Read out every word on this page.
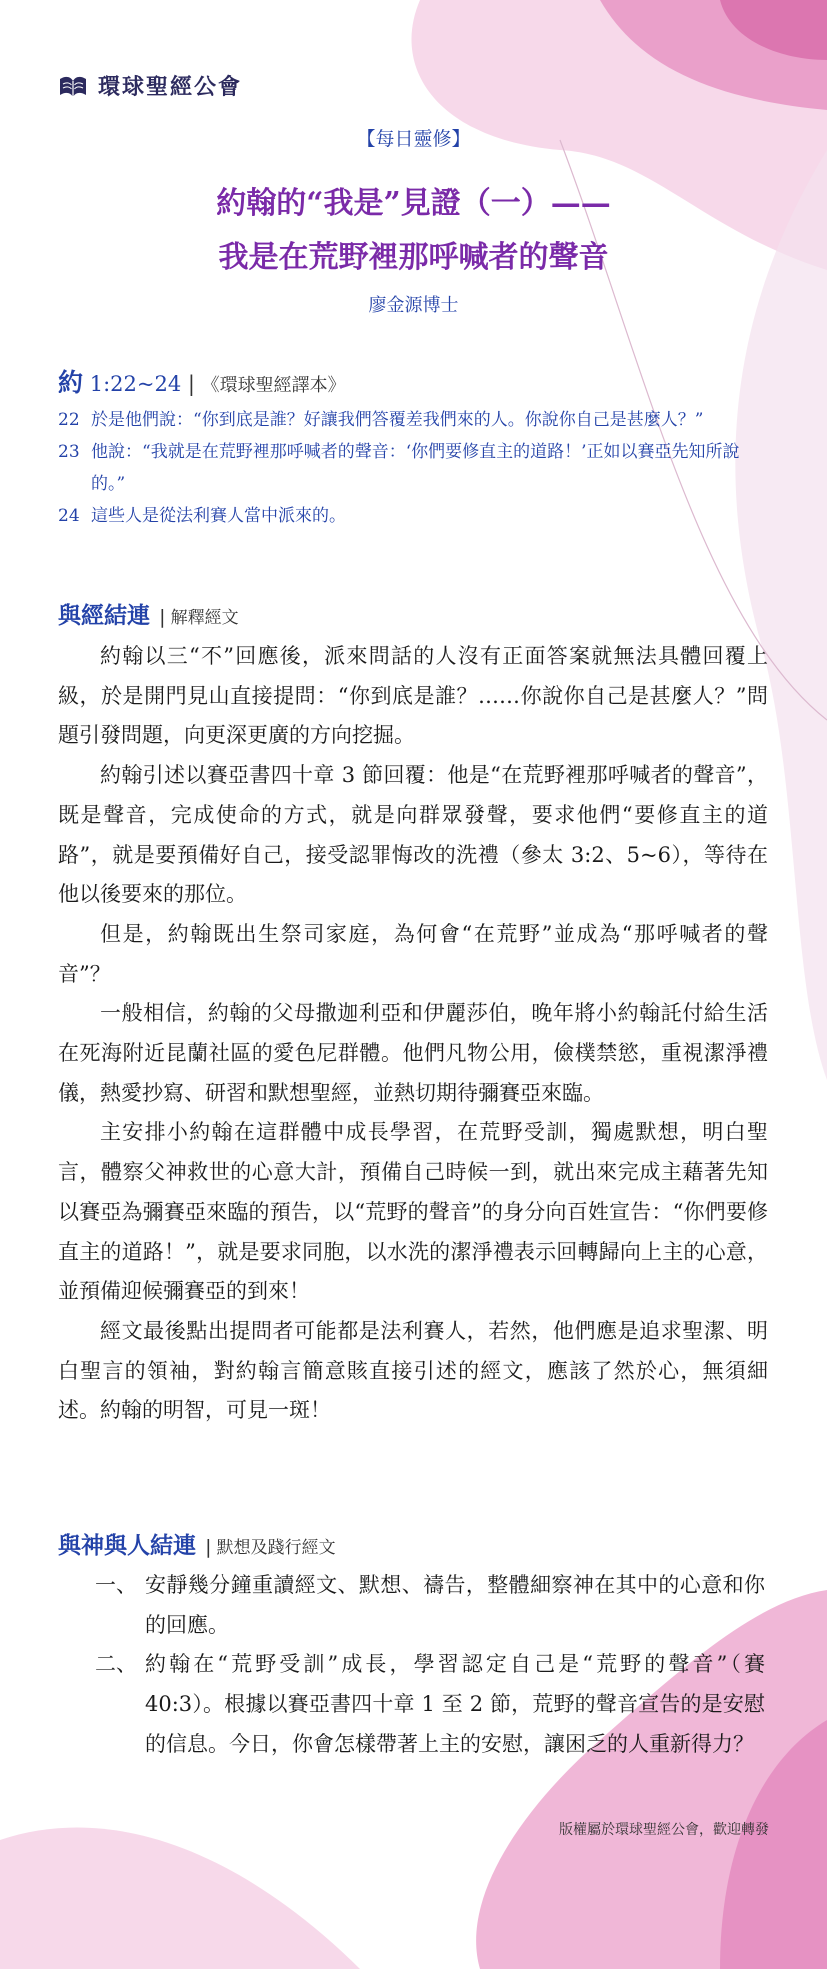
環球聖經公會
【每日靈修】
約翰的“我是”見證（一）——
我是在荒野裡那呼喊者的聲音
廖金源博士
約 1:22~24 | 《環球聖經譯本》
22 於是他們說：“你到底是誰？好讓我們答覆差我們來的人。你說你自己是甚麼人？”
23 他說：“我就是在荒野裡那呼喊者的聲音：‘你們要修直主的道路！’正如以賽亞先知所說的。”
24 這些人是從法利賽人當中派來的。
與經結連 | 解釋經文

約翰以三“不”回應後，派來問話的人沒有正面答案就無法具體回覆上級，於是開門見山直接提問：“你到底是誰？……你說你自己是甚麼人？”問題引發問題，向更深更廣的方向挖掘。

約翰引述以賽亞書四十章 3 節回覆：他是“在荒野裡那呼喊者的聲音”，既是聲音，完成使命的方式，就是向群眾發聲，要求他們“要修直主的道路”，就是要預備好自己，接受認罪悔改的洗禮（參太 3:2、5~6），等待在他以後要來的那位。

但是，約翰既出生祭司家庭，為何會“在荒野”並成為“那呼喊者的聲音”？

一般相信，約翰的父母撒迦利亞和伊麗莎伯，晚年將小約翰託付給生活在死海附近昆蘭社區的愛色尼群體。他們凡物公用，儉樸禁慾，重視潔淨禮儀，熱愛抄寫、研習和默想聖經，並熱切期待彌賽亞來臨。

主安排小約翰在這群體中成長學習，在荒野受訓，獨處默想，明白聖言，體察父神救世的心意大計，預備自己時候一到，就出來完成主藉著先知以賽亞為彌賽亞來臨的預告，以“荒野的聲音”的身分向百姓宣告：“你們要修直主的道路！”，就是要求同胞，以水洗的潔淨禮表示回轉歸向上主的心意，並預備迎候彌賽亞的到來！

經文最後點出提問者可能都是法利賽人，若然，他們應是追求聖潔、明白聖言的領袖，對約翰言簡意賅直接引述的經文，應該了然於心，無須細述。約翰的明智，可見一斑！

與神與人結連 | 默想及踐行經文
一、 安靜幾分鐘重讀經文、默想、禱告，整體細察神在其中的心意和你的回應。
二、 約翰在“荒野受訓”成長，學習認定自己是“荒野的聲音”（賽 40:3）。根據以賽亞書四十章 1 至 2 節，荒野的聲音宣告的是安慰的信息。今日，你會怎樣帶著上主的安慰，讓困乏的人重新得力？
版權屬於環球聖經公會，歡迎轉發
